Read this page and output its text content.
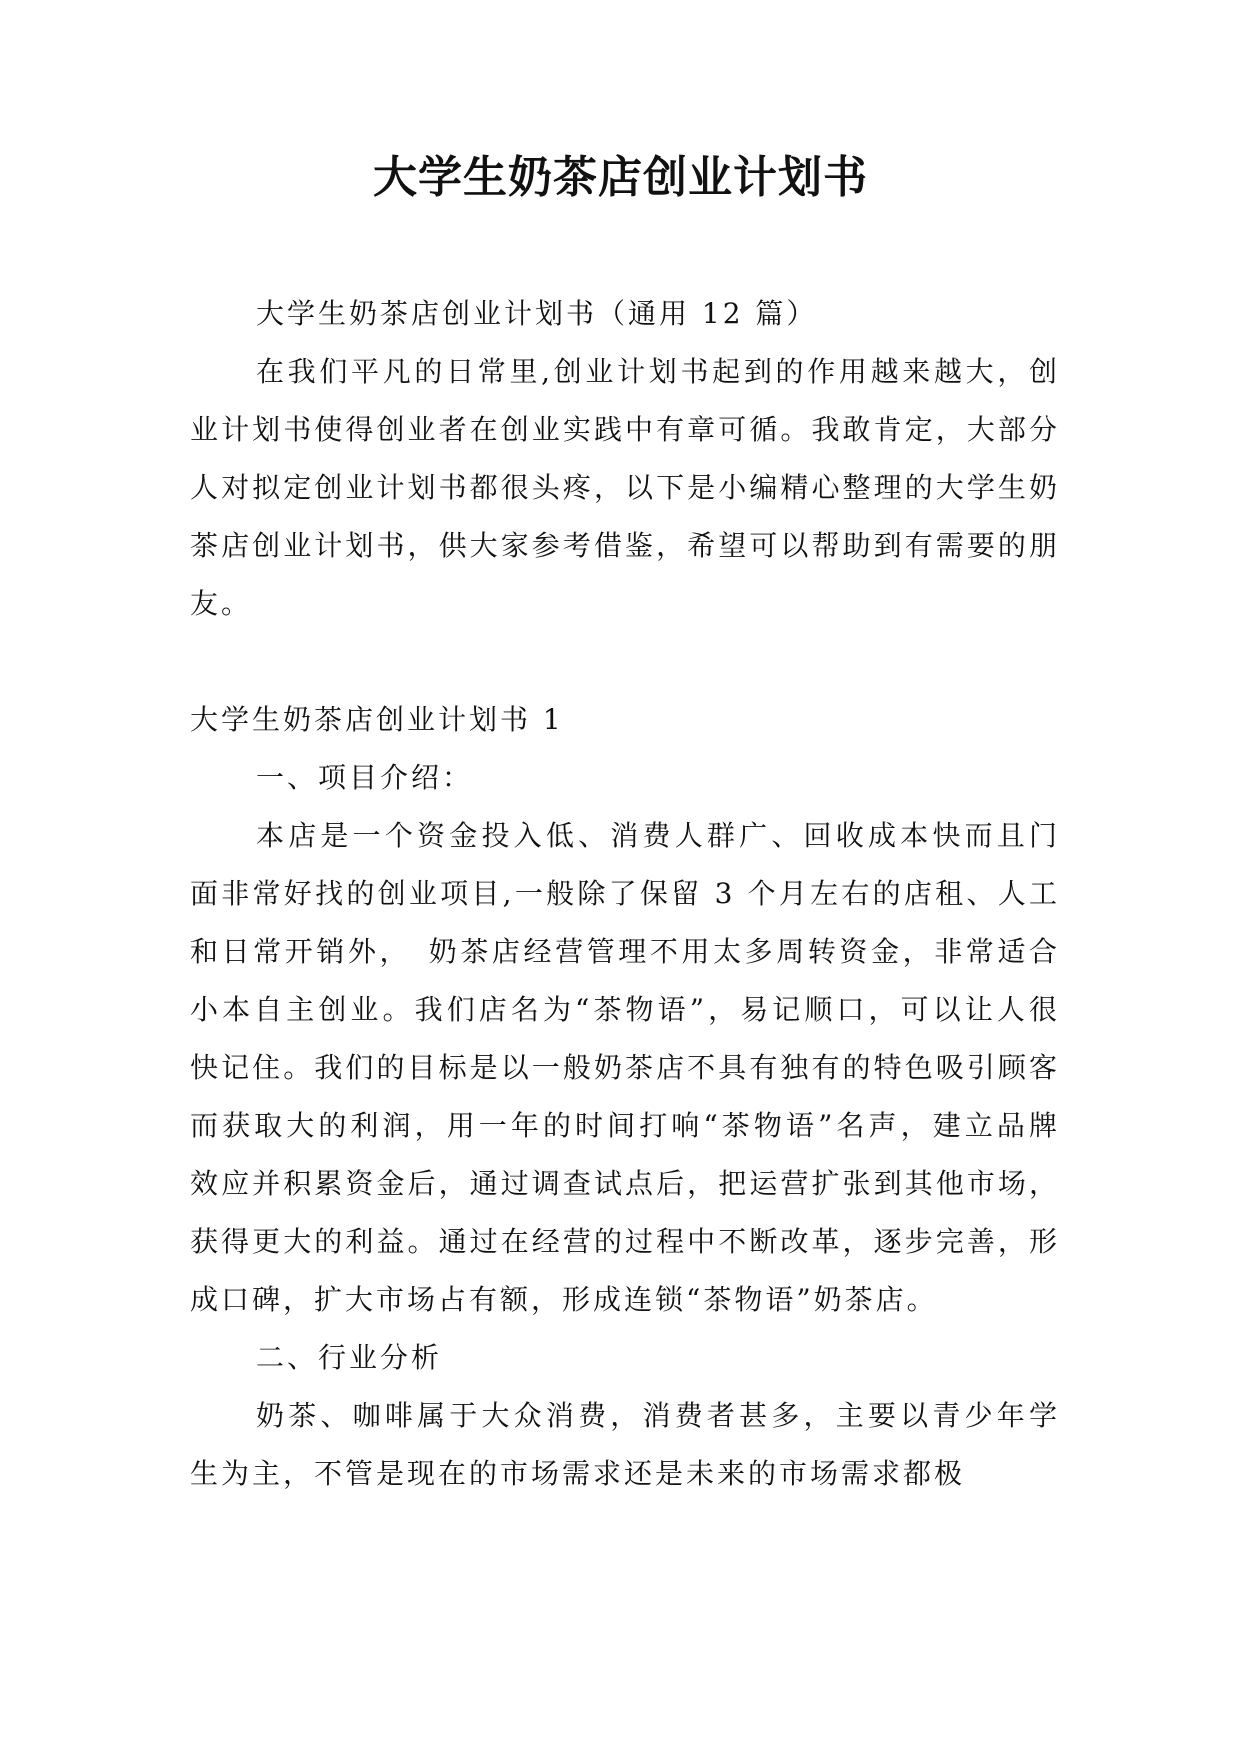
大学生奶茶店创业计划书

大学生奶茶店创业计划书（通用 12 篇）

在我们平凡的日常里,创业计划书起到的作用越来越大，创业计划书使得创业者在创业实践中有章可循。我敢肯定，大部分人对拟定创业计划书都很头疼，以下是小编精心整理的大学生奶茶店创业计划书，供大家参考借鉴，希望可以帮助到有需要的朋友。

大学生奶茶店创业计划书 1

一、项目介绍：

本店是一个资金投入低、消费人群广、回收成本快而且门面非常好找的创业项目,一般除了保留 3 个月左右的店租、人工和日常开销外，　奶茶店经营管理不用太多周转资金，非常适合小本自主创业。我们店名为“茶物语”，易记顺口，可以让人很快记住。我们的目标是以一般奶茶店不具有独有的特色吸引顾客而获取大的利润，用一年的时间打响“茶物语”名声，建立品牌效应并积累资金后，通过调查试点后，把运营扩张到其他市场，获得更大的利益。通过在经营的过程中不断改革，逐步完善，形成口碑，扩大市场占有额，形成连锁“茶物语”奶茶店。

二、行业分析

奶茶、咖啡属于大众消费，消费者甚多，主要以青少年学生为主，不管是现在的市场需求还是未来的市场需求都极
